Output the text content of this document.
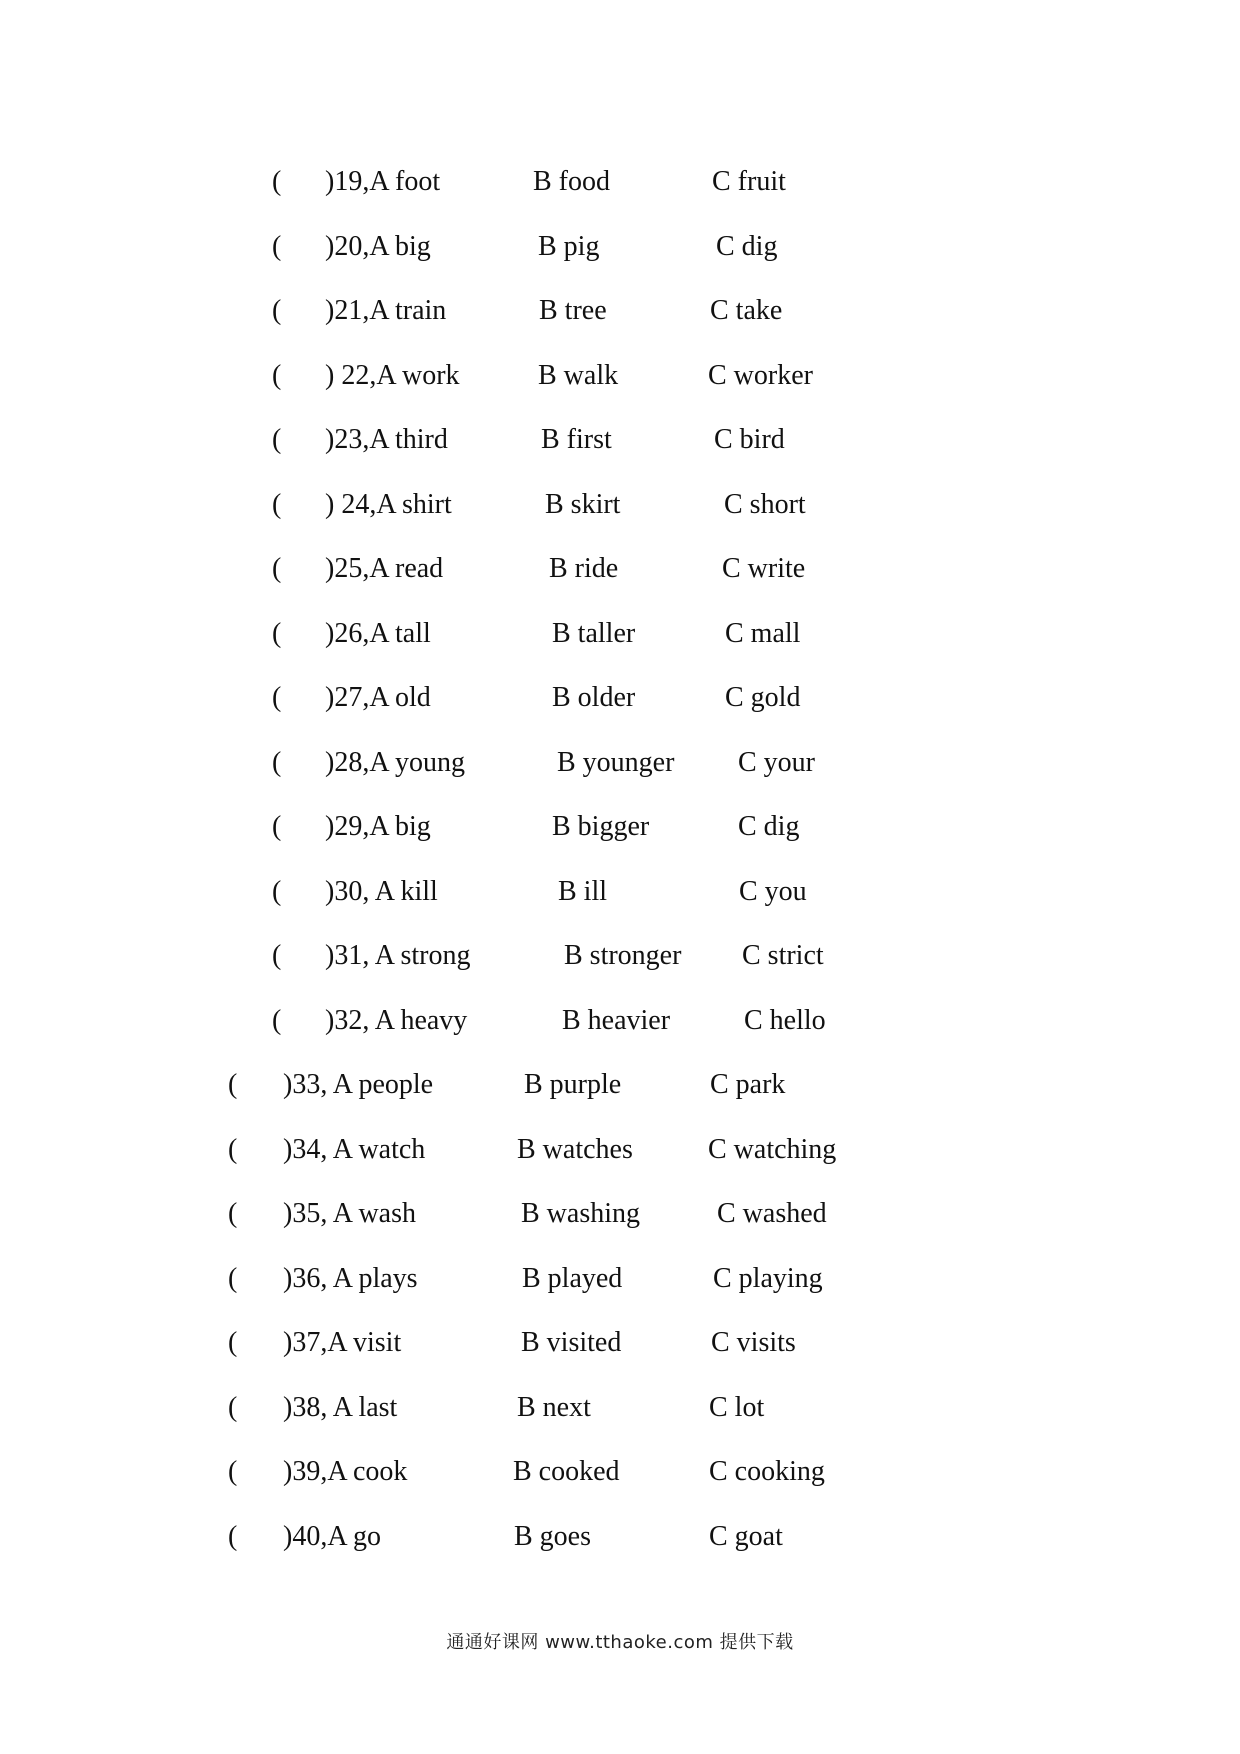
( )19,A foot	B food	C fruit
( )20,A big	B pig	C dig
( )21,A train	B tree	C take
( ) 22,A work	B walk	C worker
( )23,A third	B first	C bird
( ) 24,A shirt	B skirt	C short
( )25,A read	B ride	C write
( )26,A tall	B taller	C mall
( )27,A old	B older	C gold
( )28,A young	B younger C your
( )29,A big	B bigger	C dig
( )30, A kill	B ill	C you
( )31, A strong	B stronger C strict
( )32, A heavy	B heavier	C hello
( )33, A people	B purple	C park
( )34, A watch	B watches	C watching
( )35, A wash	B washing	C washed
( )36, A plays	B played	C playing
( )37,A visit	B visited	C visits
( )38, A last	B next	C lot
( )39,A cook	B cooked	C cooking
( )40,A go	B goes	C goat
通通好课网 www.tthaoke.com 提供下载
